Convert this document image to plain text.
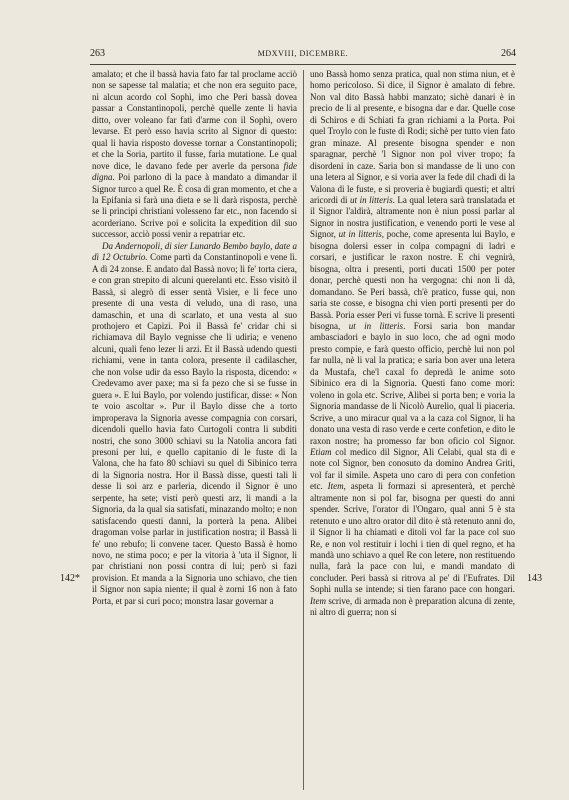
263	MDXVIII, DICEMBRE.	264

amalato; et che il bassà havia fato far tal proclame acciò non se sapesse tal malatia; et che non era seguito pace, nì alcun acordo col Sophì, imo che Peri bassà dovea passar a Constantinopoli, perchè quelle zente li havia ditto, over voleano far fatì d'arme con il Sophì, overo levarse. Et però esso havia scrito al Signor di questo: qual li havia risposto dovesse tornar a Constantinopoli; et che la Soria, partito il fusse, faria mutatione. Le qual nove dice, le davano fede per averle da persona fide digna. Poi parlono di la pace à mandato a dimandar il Signor turco a quel Re. È cosa di gran momento, et che a la Epifania si farà una dieta e se li darà risposta, perchè se li principi christiani volesseno far etc., non facendo si acorderiano. Scrive poi e solicita la expedition dil suo successor, acciò possi venir a repatriar etc.

Da Andernopoli, di sier Lunardo Bembo baylo, date a dì 12 Octubrio. Come partì da Constantinopoli e vene lì. A dì 24 zonse. E andato dal Bassà novo; li fe' torta ciera, e con gran strepito di alcuni querelanti etc. Esso visitò il Bassà, si alegrò di esser sentà Visier, e li fece uno presente di una vesta di veludo, una di raso, una damaschin, et una di scarlato, et una vesta al suo prothojero et Capizi. Poi il Bassà fe' cridar chi si richiamava dil Baylo vegnisse che li udiria; e veneno alcuni, quali feno lezer li arzi. Et il Bassà udendo questi richiami, vene in tanta colora, presente il cadilascher, che non volse udir da esso Baylo la risposta, dicendo: « Credevamo aver paxe; ma si fa pezo che si se fusse in guera ». E lui Baylo, por volendo justificar, disse: « Non te voio ascoltar ». Pur il Baylo disse che a torto improperava la Signoria avesse compagnia con corsari, dicendoli quello havia fato Curtogoli contra li subditi nostri, che sono 3000 schiavi su la Natolia ancora fati presoni per lui, e quello capitanio di le fuste di la Valona, che ha fato 80 schiavi su quel di Sibinico terra di la Signoria nostra. Hor il Bassà disse, questi tali li desse li soi arz e parleria, dicendo il Signor è uno serpente, ha sete; visti però questi arz, li mandi a la Signoria, da la qual sia satisfati, minazando molto; e non satisfacendo questi danni, la porterà la pena. Alibei dragoman volse parlar in justification nostra; il Bassà li fe' uno rebufo; li convene tacer. Questo Bassà è homo novo, ne stima poco; e per la vitoria à 'uta il Signor, li par christiani non possi contra di lui; però si fazi provision. Et manda a la Signoria uno schiavo, che tien il Signor non sapia niente; il qual è zorni 16 non à fato Porta, et par si curi poco; monstra lasar governar a

uno Bassà homo senza pratica, qual non stima niun, et è homo pericoloso. Si dice, il Signor è amalato di febre. Non val dito Bassà habbi manzato; sichè danari è in precio de li al presente, e bisogna dar e dar. Quelle cose di Schiros e di Schiati fa gran richiami a la Porta. Poi quel Troylo con le fuste di Rodi; sichè per tutto vien fato gran minaze. Al presente bisogna spender e non sparagnar, perchè 'l Signor non pol viver tropo; fa disordeni in caze. Saria bon si mandasse de li uno con una letera al Signor, e si voria aver la fede dil chadì di la Valona di le fuste, e si proveria è bugiardi questi; et altri aricordi di ut in litteris. La qual letera sarà translatada et il Signor l'aldirà, altramente non è niun possi parlar al Signor in nostra justification, e venendo porti le vese al Signor, ut in litteris, poche, come apresenta lui Baylo, e bisogna dolersi esser in colpa compagni di ladri e corsari, e justificar le raxon nostre. E chi vegnirà, bisogna, oltra i presenti, porti ducati 1500 per poter donar, perchè questi non ha vergogna: chi non li dà, domandano. Se Peri bassà, ch'è pratico, fusse qui, non saria ste cosse, e bisogna chi vien porti presenti per do Bassà. Poria esser Peri vi fusse tornà. E scrive li presenti bisogna, ut in litteris. Forsi saria bon mandar ambasciadori e baylo in suo loco, che ad ogni modo presto compie, e farà questo officio, perchè lui non pol far nulla, nè li val la pratica; e saria bon aver una letera da Mustafa, che'l caxal fo depredà le anime soto Sibinico era di la Signoria. Questi fano come mori: voleno in gola etc. Scrive, Alibei si porta ben; e voria la Signoria mandasse de li Nicolò Aurelio, qual li piaceria. Scrive, a uno miracur qual va a la caza col Signor, li ha donato una vesta di raso verde e certe confetion, e dito le raxon nostre; ha promesso far bon oficio col Signor. Etiam col medico dil Signor, Ali Celabi, qual sta di e note col Signor, ben conosuto da domino Andrea Griti, vol far il simile. Aspeta uno caro di pera con confetion etc. Item, aspeta li formazi si apresenterà, et perchè altramente non si pol far, bisogna per questi do anni spender. Scrive, l'orator di l'Ongaro, qual anni 5 è sta retenuto e uno altro orator dil dito è stà retenuto anni do, il Signor li ha chiamati e ditoli vol far la pace col suo Re, e non vol restituir i lochi i tien di quel regno, et ha mandà uno schiavo a quel Re con letere, non restituendo nulla, farà la pace con lui, e mandi mandato di concluder. Peri bassà si ritrova al pe' di l'Eufrates. Dil Sophì nulla se intende; si tien farano pace con hongari. Item scrive, di armada non è preparation alcuna di zente, nì altro di guerra; non si

142*	143
